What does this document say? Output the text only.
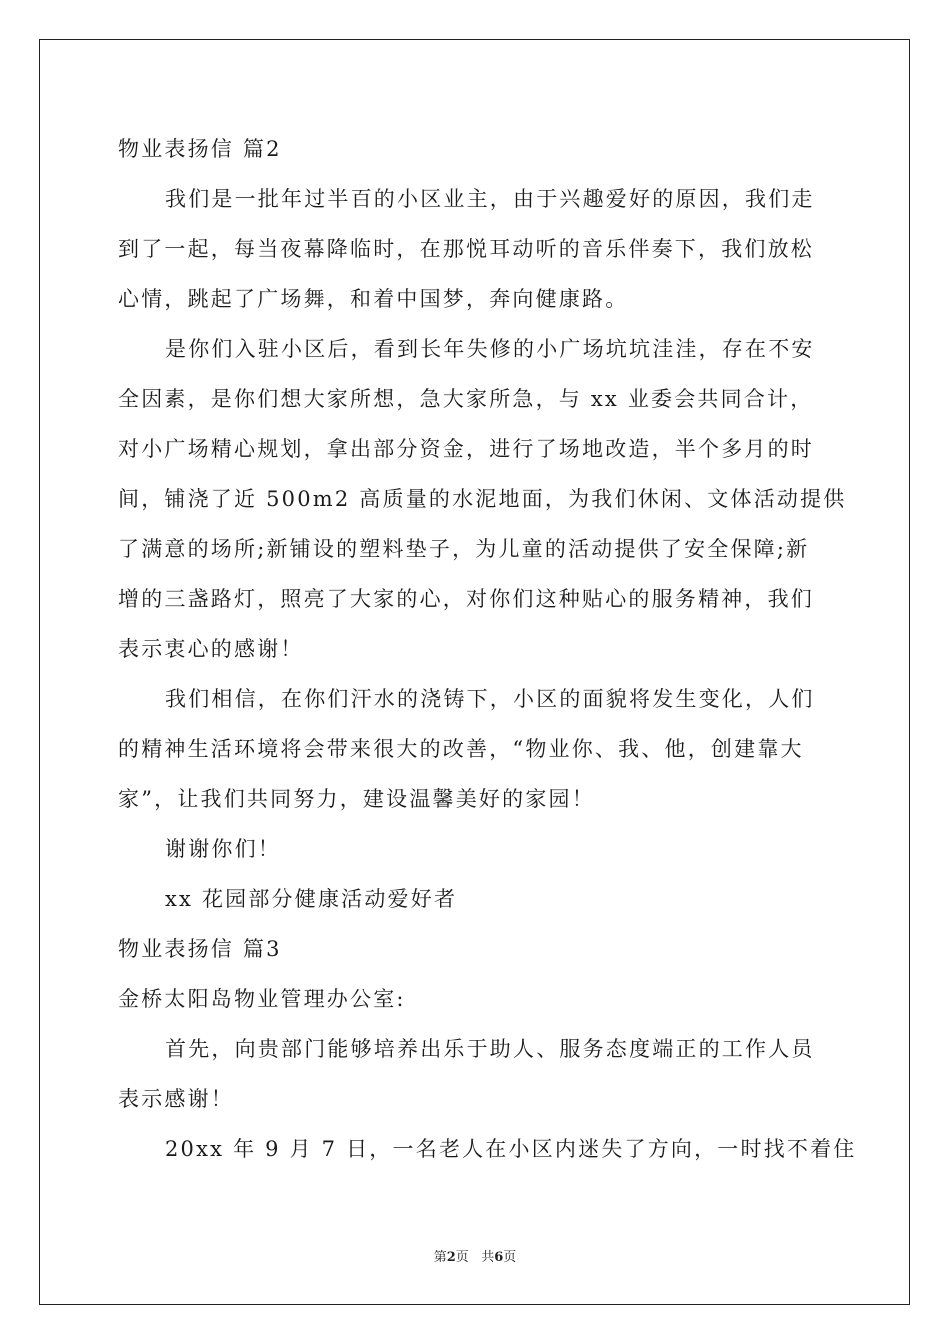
物业表扬信 篇2
我们是一批年过半百的小区业主，由于兴趣爱好的原因，我们走
到了一起，每当夜幕降临时，在那悦耳动听的音乐伴奏下，我们放松
心情，跳起了广场舞，和着中国梦，奔向健康路。
是你们入驻小区后，看到长年失修的小广场坑坑洼洼，存在不安
全因素，是你们想大家所想，急大家所急，与 xx 业委会共同合计，
对小广场精心规划，拿出部分资金，进行了场地改造，半个多月的时
间，铺浇了近 500m2 高质量的水泥地面，为我们休闲、文体活动提供
了满意的场所;新铺设的塑料垫子，为儿童的活动提供了安全保障;新
增的三盏路灯，照亮了大家的心，对你们这种贴心的服务精神，我们
表示衷心的感谢！
我们相信，在你们汗水的浇铸下，小区的面貌将发生变化，人们
的精神生活环境将会带来很大的改善，“物业你、我、他，创建靠大
家”，让我们共同努力，建设温馨美好的家园！
谢谢你们！
xx 花园部分健康活动爱好者
物业表扬信 篇3
金桥太阳岛物业管理办公室:
首先，向贵部门能够培养出乐于助人、服务态度端正的工作人员
表示感谢！
20xx 年 9 月 7 日，一名老人在小区内迷失了方向，一时找不着住
第2页 共6页
